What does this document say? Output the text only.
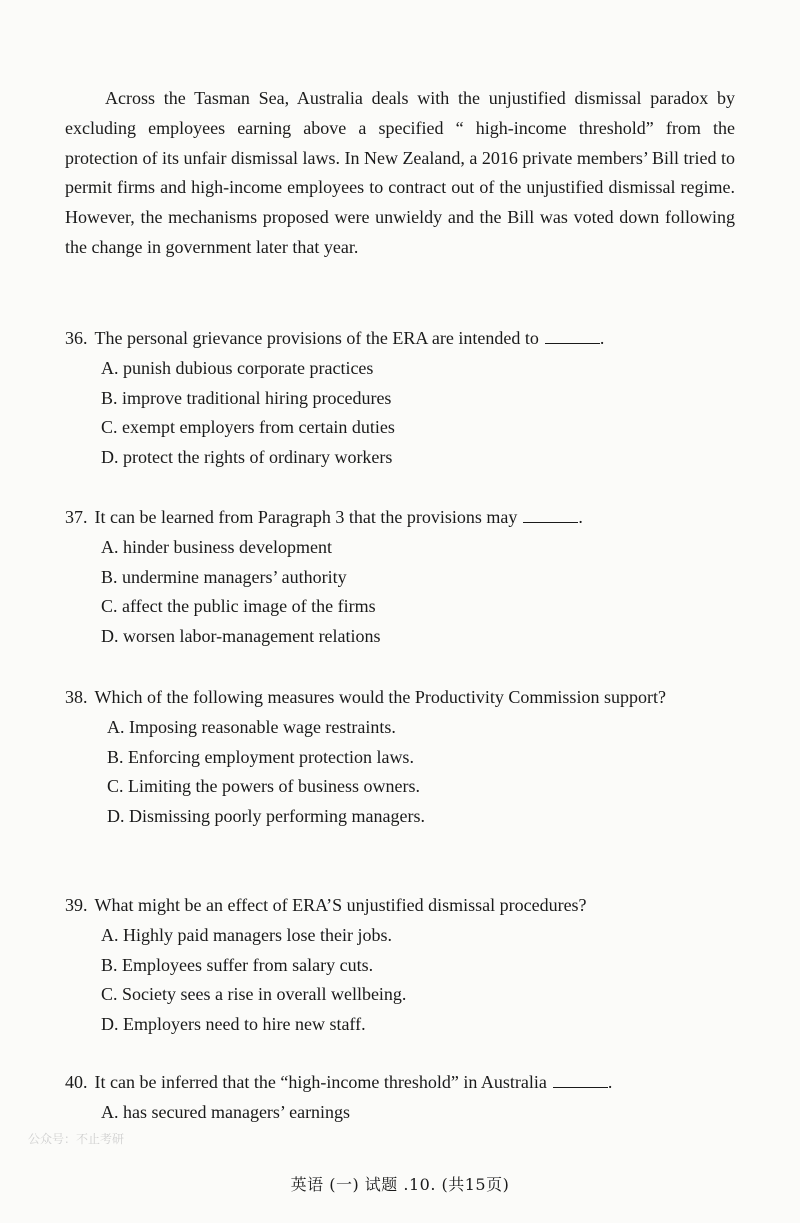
Across the Tasman Sea, Australia deals with the unjustified dismissal paradox by excluding employees earning above a specified “ high-income threshold” from the protection of its unfair dismissal laws. In New Zealand, a 2016 private members’ Bill tried to permit firms and high-income employees to contract out of the unjustified dismissal regime. However, the mechanisms proposed were unwieldy and the Bill was voted down following the change in government later that year.

36. The personal grievance provisions of the ERA are intended to	.
A. punish dubious corporate practices
B. improve traditional hiring procedures
C. exempt employers from certain duties
D. protect the rights of ordinary workers
37. It can be learned from Paragraph 3 that the provisions may	.
A. hinder business development
B. undermine managers’ authority
C. affect the public image of the firms
D. worsen labor-management relations
38. Which of the following measures would the Productivity Commission support?
A. Imposing reasonable wage restraints.
B. Enforcing employment protection laws.
C. Limiting the powers of business owners.
D. Dismissing poorly performing managers.
39. What might be an effect of ERA’S unjustified dismissal procedures?
A. Highly paid managers lose their jobs.
B. Employees suffer from salary cuts.
C. Society sees a rise in overall wellbeing.
D. Employers need to hire new staff.
40. It can be inferred that the “high-income threshold” in Australia	.
A. has secured managers’ earnings
公众号：不止考研
英语 (一) 试题 .10. (共15页)
